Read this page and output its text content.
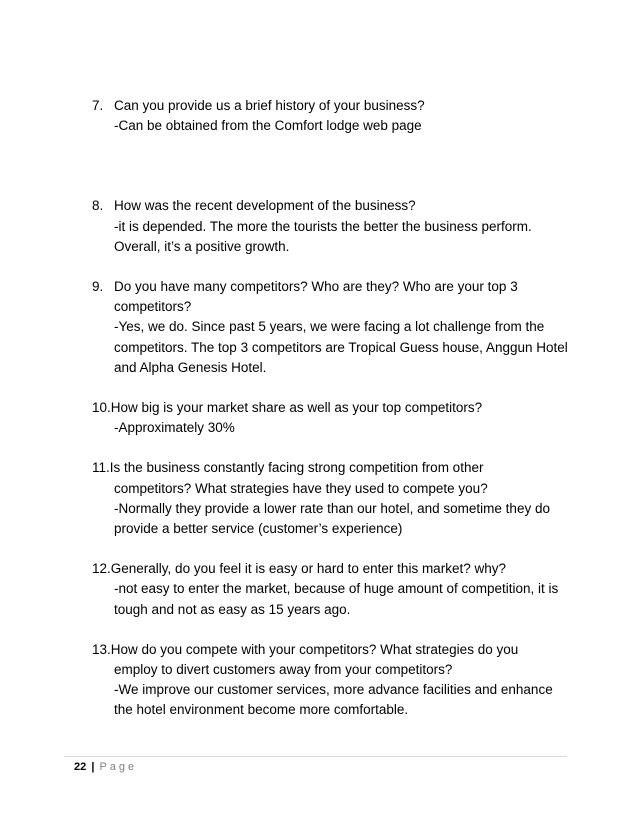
7. Can you provide us a brief history of your business?
-Can be obtained from the Comfort lodge web page
8. How was the recent development of the business?
-it is depended. The more the tourists the better the business perform.
Overall, it’s a positive growth.
9. Do you have many competitors? Who are they? Who are your top 3
competitors?
-Yes, we do. Since past 5 years, we were facing a lot challenge from the
competitors. The top 3 competitors are Tropical Guess house, Anggun Hotel
and Alpha Genesis Hotel.
10.How big is your market share as well as your top competitors?
-Approximately 30%
11.Is the business constantly facing strong competition from other
competitors? What strategies have they used to compete you?
-Normally they provide a lower rate than our hotel, and sometime they do
provide a better service (customer’s experience)
12.Generally, do you feel it is easy or hard to enter this market? why?
-not easy to enter the market, because of huge amount of competition, it is
tough and not as easy as 15 years ago.
13.How do you compete with your competitors? What strategies do you
employ to divert customers away from your competitors?
-We improve our customer services, more advance facilities and enhance
the hotel environment become more comfortable.
22 | Page
